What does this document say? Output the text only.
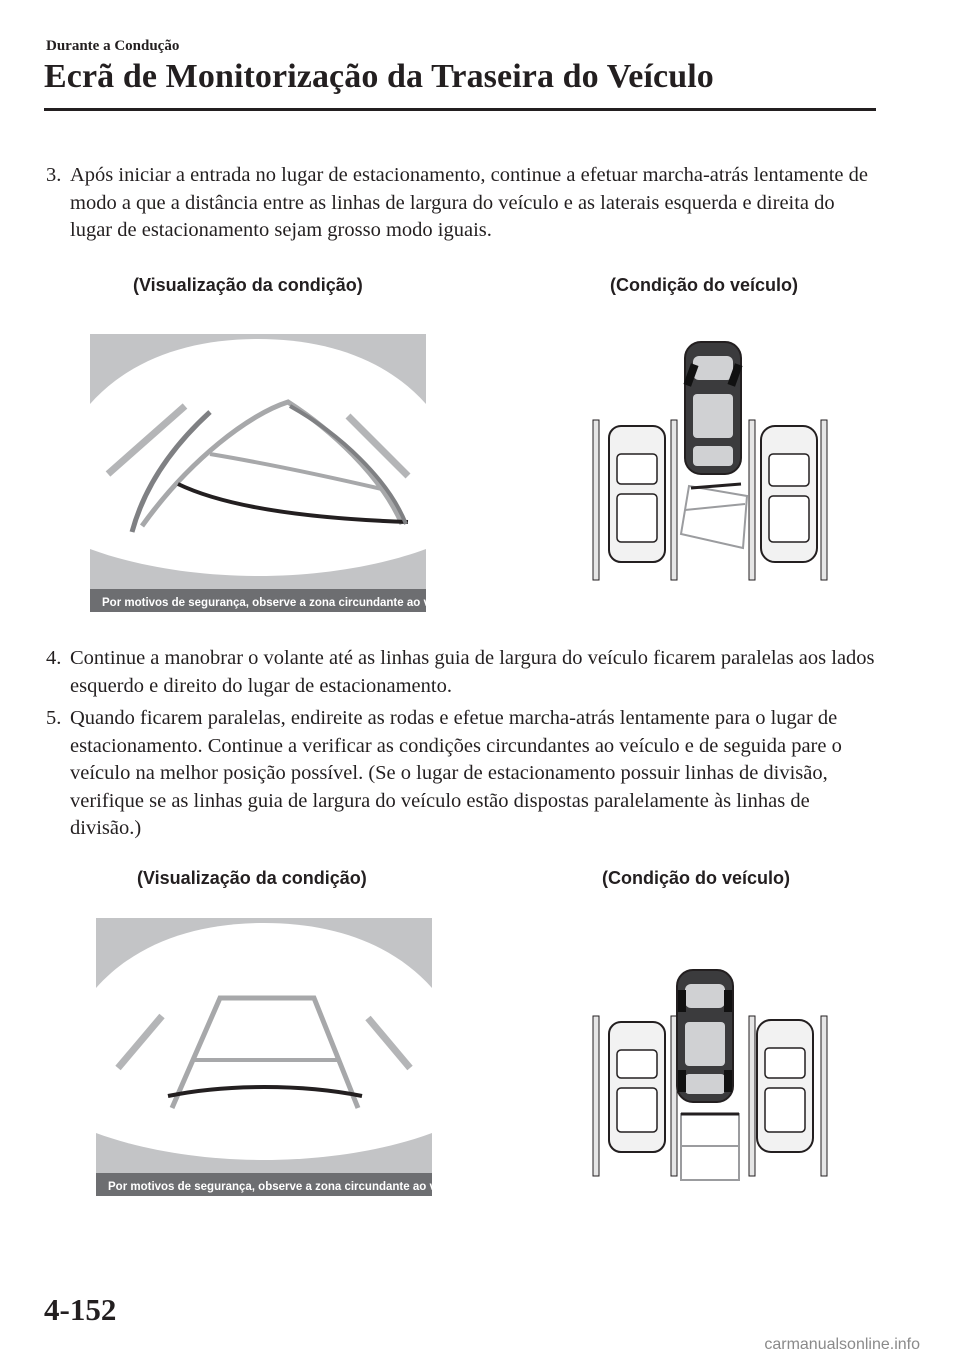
Durante a Condução
Ecrã de Monitorização da Traseira do Veículo
3. Após iniciar a entrada no lugar de estacionamento, continue a efetuar marcha-atrás lentamente de modo a que a distância entre as linhas de largura do veículo e as laterais esquerda e direita do lugar de estacionamento sejam grosso modo iguais.
(Visualização da condição)	(Condição do veículo)
Por motivos de segurança, observe a zona circundante ao veículo
4. Continue a manobrar o volante até as linhas guia de largura do veículo ficarem paralelas aos lados esquerdo e direito do lugar de estacionamento.
5. Quando ficarem paralelas, endireite as rodas e efetue marcha-atrás lentamente para o lugar de estacionamento. Continue a verificar as condições circundantes ao veículo e de seguida pare o veículo na melhor posição possível. (Se o lugar de estacionamento possuir linhas de divisão, verifique se as linhas guia de largura do veículo estão dispostas paralelamente às linhas de divisão.)
(Visualização da condição)	(Condição do veículo)
Por motivos de segurança, observe a zona circundante ao veículo
4-152
carmanualsonline.info
